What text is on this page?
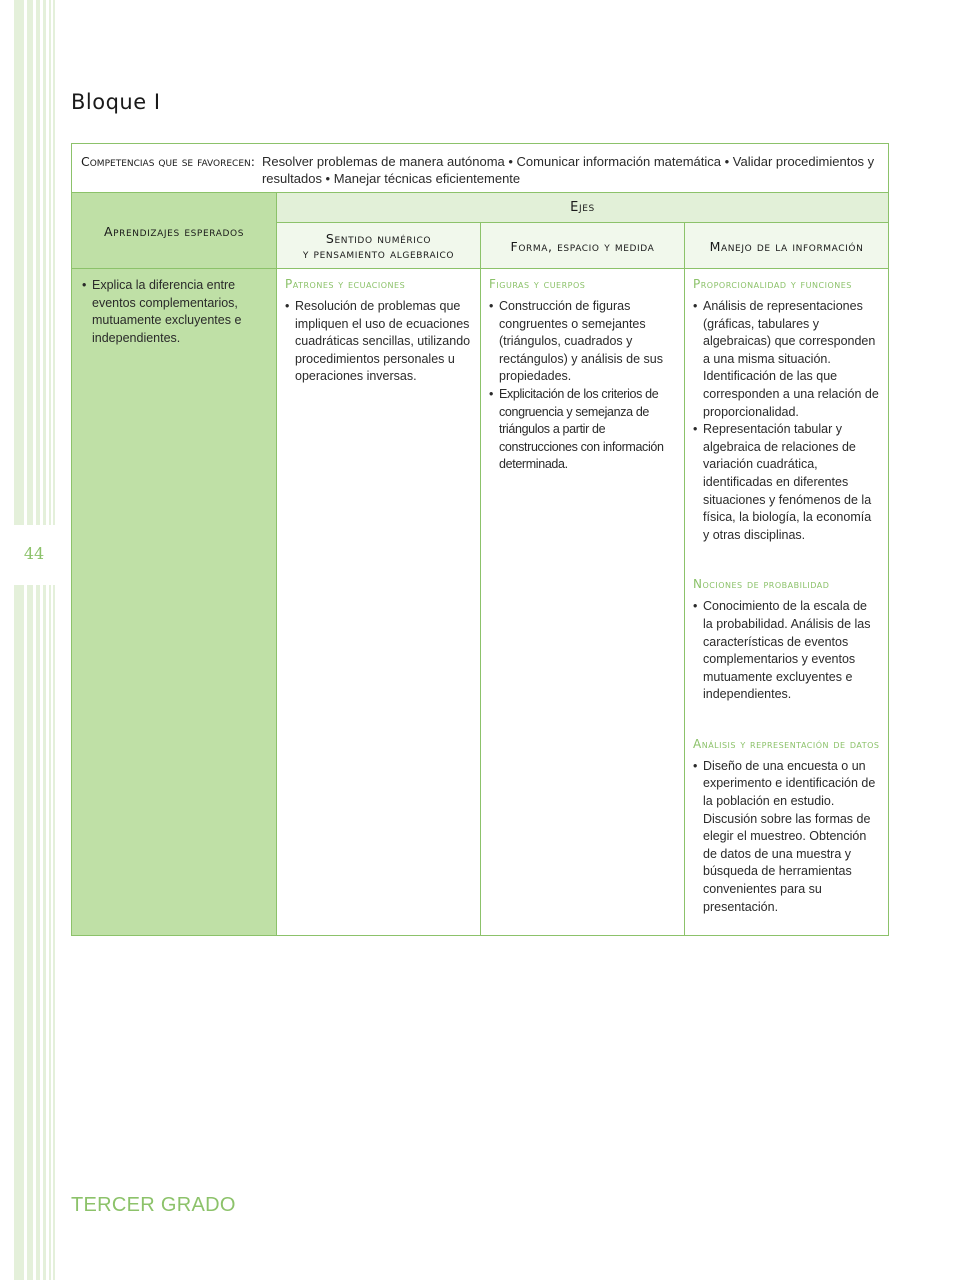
44
Bloque I
Competencias que se favorecen: Resolver problemas de manera autónoma • Comunicar información matemática • Validar procedimientos y resultados • Manejar técnicas eficientemente
Aprendizajes esperados
Ejes
Sentido numérico
y pensamiento algebraico	Forma, espacio y medida	Manejo de la información
• Explica la diferencia entre eventos complementarios, mutuamente excluyentes e independientes.
Patrones y ecuaciones
• Resolución de problemas que impliquen el uso de ecuaciones cuadráticas sencillas, utilizando procedimientos personales u operaciones inversas.
Figuras y cuerpos
• Construcción de figuras congruentes o semejantes (triángulos, cuadrados y rectángulos) y análisis de sus propiedades.
• Explicitación de los criterios de congruencia y semejanza de triángulos a partir de construcciones con información determinada.
Proporcionalidad y funciones
• Análisis de representaciones (gráficas, tabulares y algebraicas) que corresponden a una misma situación. Identificación de las que corresponden a una relación de proporcionalidad.
• Representación tabular y algebraica de relaciones de variación cuadrática, identificadas en diferentes situaciones y fenómenos de la física, la biología, la economía y otras disciplinas.
Nociones de probabilidad
• Conocimiento de la escala de la probabilidad. Análisis de las características de eventos complementarios y eventos mutuamente excluyentes e independientes.
Análisis y representación de datos
• Diseño de una encuesta o un experimento e identificación de la población en estudio. Discusión sobre las formas de elegir el muestreo. Obtención de datos de una muestra y búsqueda de herramientas convenientes para su presentación.
TERCER GRADO
